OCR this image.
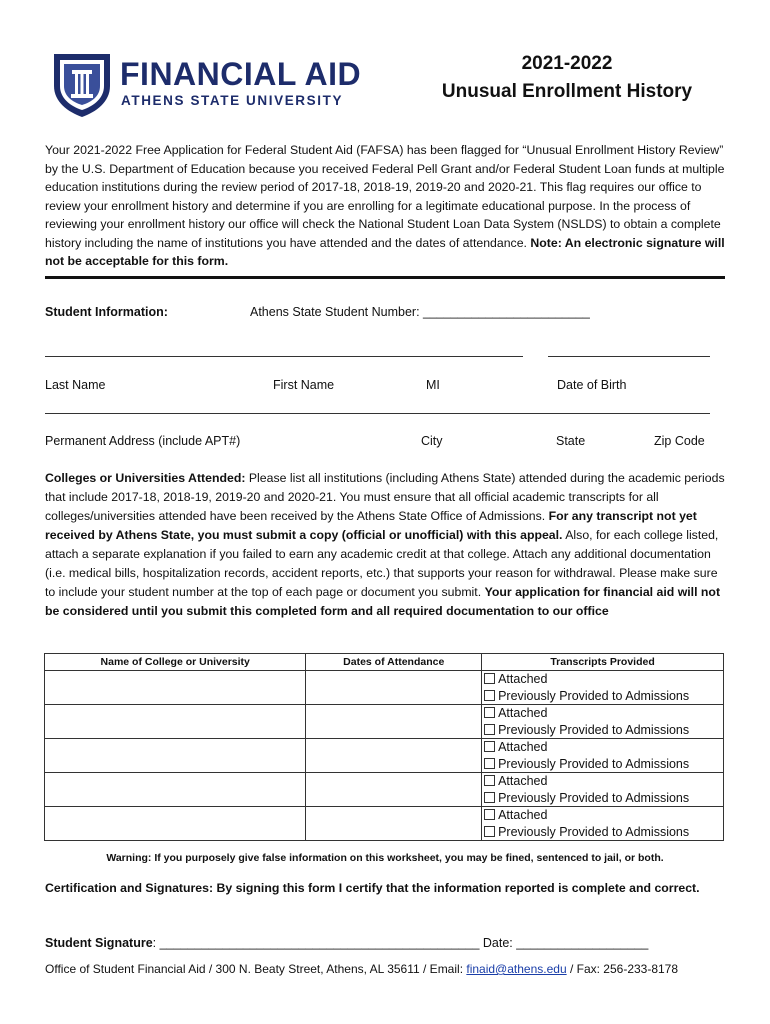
FINANCIAL AID
ATHENS STATE UNIVERSITY
2021-2022
Unusual Enrollment History
Your 2021-2022 Free Application for Federal Student Aid (FAFSA) has been flagged for “Unusual Enrollment History Review” by the U.S. Department of Education because you received Federal Pell Grant and/or Federal Student Loan funds at multiple education institutions during the review period of 2017-18, 2018-19, 2019-20 and 2020-21. This flag requires our office to review your enrollment history and determine if you are enrolling for a legitimate educational purpose. In the process of reviewing your enrollment history our office will check the National Student Loan Data System (NSLDS) to obtain a complete history including the name of institutions you have attended and the dates of attendance. Note: An electronic signature will not be acceptable for this form.
Student Information:	Athens State Student Number: ________________________
Last Name	First Name	MI	Date of Birth
Permanent Address (include APT#)	City	State	Zip Code
Colleges or Universities Attended: Please list all institutions (including Athens State) attended during the academic periods that include 2017-18, 2018-19, 2019-20 and 2020-21. You must ensure that all official academic transcripts for all colleges/universities attended have been received by the Athens State Office of Admissions. For any transcript not yet received by Athens State, you must submit a copy (official or unofficial) with this appeal. Also, for each college listed, attach a separate explanation if you failed to earn any academic credit at that college. Attach any additional documentation (i.e. medical bills, hospitalization records, accident reports, etc.) that supports your reason for withdrawal. Please make sure to include your student number at the top of each page or document you submit. Your application for financial aid will not be considered until you submit this completed form and all required documentation to our office
Name of College or University	Dates of Attendance	Transcripts Provided

		Attached
Previously Provided to Admissions

		Attached
Previously Provided to Admissions

		Attached
Previously Provided to Admissions

		Attached
Previously Provided to Admissions

		Attached
Previously Provided to Admissions
Warning: If you purposely give false information on this worksheet, you may be fined, sentenced to jail, or both.
Certification and Signatures: By signing this form I certify that the information reported is complete and correct.
Student Signature: ______________________________________________ Date: ___________________
Office of Student Financial Aid / 300 N. Beaty Street, Athens, AL 35611 / Email: finaid@athens.edu / Fax: 256-233-8178
